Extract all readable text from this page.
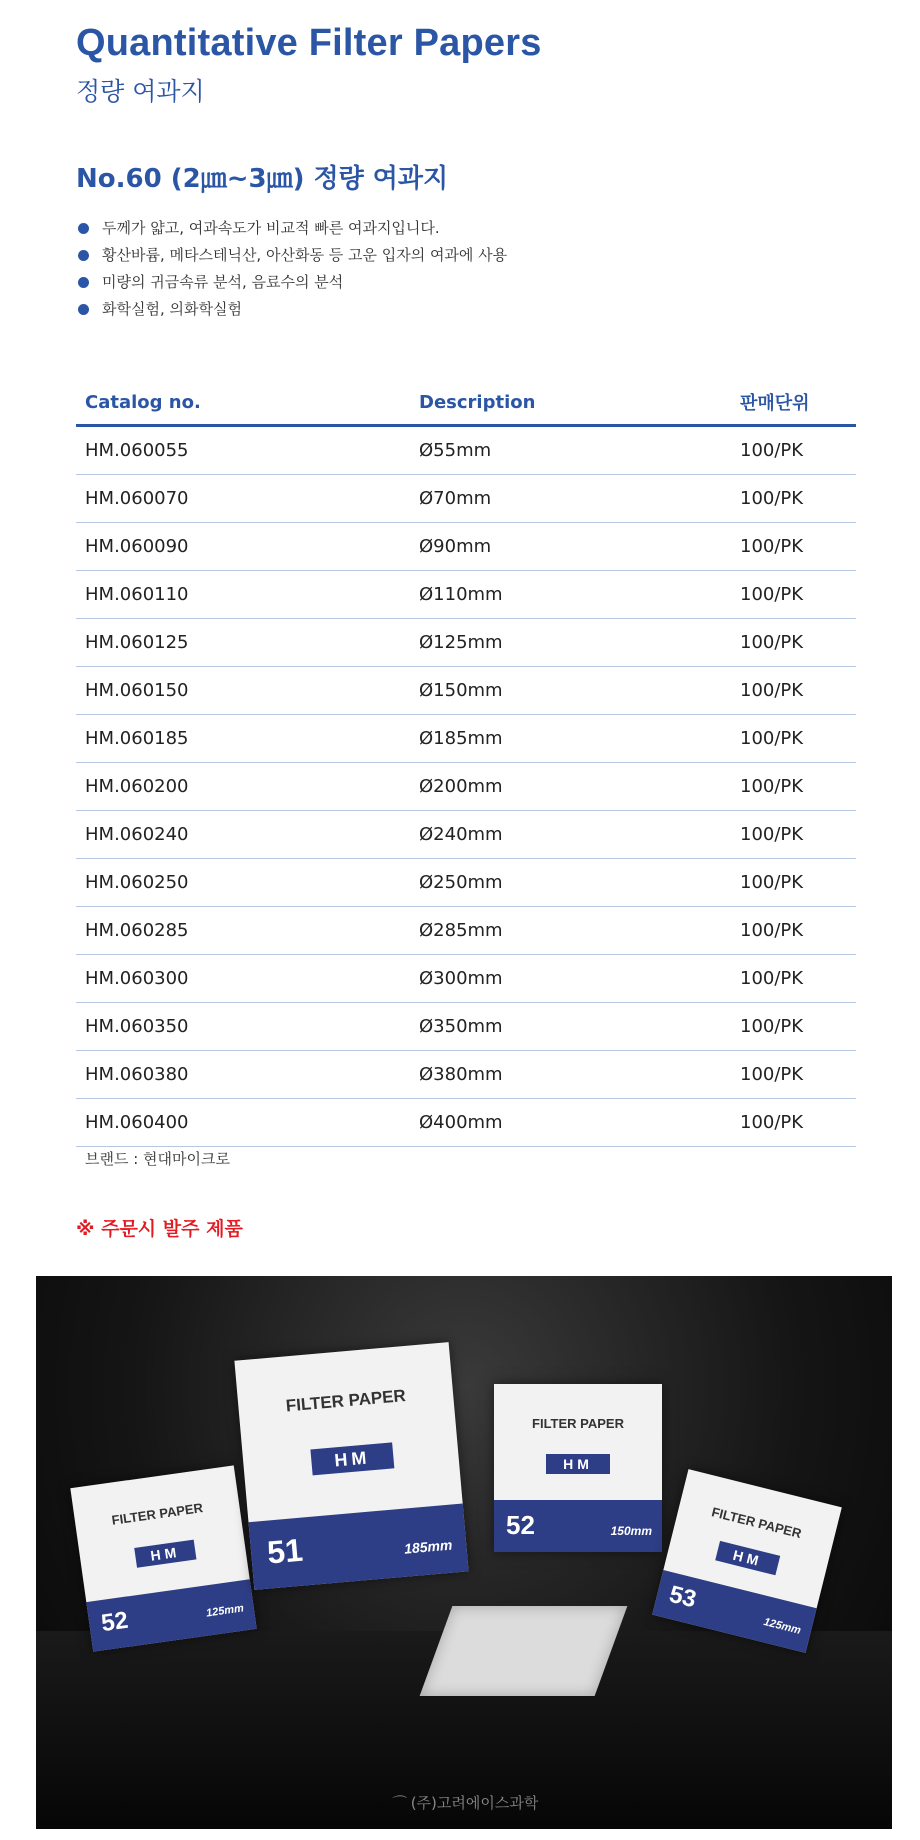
Quantitative Filter Papers
정량 여과지
No.60 (2㎛~3㎛) 정량 여과지
두께가 얇고, 여과속도가 비교적 빠른 여과지입니다.
황산바륨, 메타스테닉산, 아산화동 등 고운 입자의 여과에 사용
미량의 귀금속류 분석, 음료수의 분석
화학실험, 의화학실험
Catalog no.	Description	판매단위
HM.060055	Ø55mm	100/PK
HM.060070	Ø70mm	100/PK
HM.060090	Ø90mm	100/PK
HM.060110	Ø110mm	100/PK
HM.060125	Ø125mm	100/PK
HM.060150	Ø150mm	100/PK
HM.060185	Ø185mm	100/PK
HM.060200	Ø200mm	100/PK
HM.060240	Ø240mm	100/PK
HM.060250	Ø250mm	100/PK
HM.060285	Ø285mm	100/PK
HM.060300	Ø300mm	100/PK
HM.060350	Ø350mm	100/PK
HM.060380	Ø380mm	100/PK
HM.060400	Ø400mm	100/PK
브랜드 : 현대마이크로
※ 주문시 발주 제품
FILTER PAPER
HM
52	125mm
FILTER PAPER
HM
51	185mm
FILTER PAPER
HM
52	150mm	FILTER PAPER
HM
53
125mm
⌒ (주)고려에이스과학
